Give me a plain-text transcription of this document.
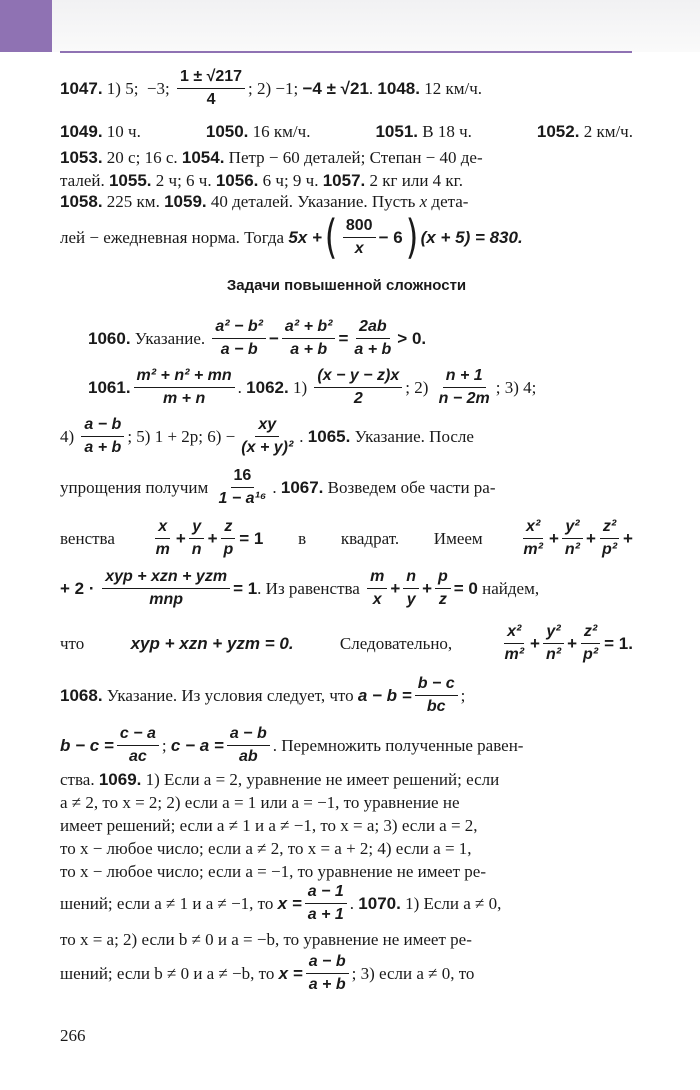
1047. 1) 5;  −3; $\frac{1 \pm √217}{4}$ ; 2) −1; −4 ± √21 . 1048. 12 км/ч.
1049. 10 ч.	1050. 16 км/ч.	1051. В 18 ч.	1052. 2 км/ч.
1053. 20 с; 16 с. 1054. Петр − 60 деталей; Степан − 40 де-
талей. 1055. 2 ч; 6 ч. 1056. 6 ч; 9 ч. 1057. 2 кг или 4 кг.
1058. 225 км. 1059. 40 деталей. Указание. Пусть x дета-
лей − ежедневная норма. Тогда 5x + ( $\frac{800}{x} - 6$ ) (x + 5) = 830.
Задачи повышенной сложности
1060. Указание. $\frac{\text{a² − b²}}{a - b} - \frac{\text{a² + b²}}{a + b} = \frac{2ab}{a + b} > 0$.
1061. $\frac{\text{m² + n² + mn}}{m + n}$ . 1062. $1) \frac{(x - y - z)x}{2}$ ; $2) \frac{n + 1}{n - 2m}$ ; 3) 4;
$4) \frac{a - b}{a + b}$ ; 5) 1 + 2p; $6) - \frac{xy}{\text{(x + y)²}}$ . 1065. Указание. После
упрощения получим $\frac{16}{\text{1 − a¹⁶}}$ . 1067. Возведем обе части ра-
венства $\frac{x}{m} + \frac{y}{n} + \frac{z}{p} = 1$ в квадрат. Имеем $\frac{\text{x²}}{\text{m²}} + \frac{\text{y²}}{\text{n²}} + \frac{\text{z²}}{\text{p²}}$ +
+ $2 \cdot \frac{\text{xyp + xzn + yzm}}{\text{mnp}} = 1$ . Из равенства $\frac{m}{x} + \frac{n}{y} + \frac{p}{z} = 0$ найдем,
что	xyp + xzn + yzm = 0.	Следовательно,	$\frac{\text{x²}}{\text{m²}} + \frac{\text{y²}}{\text{n²}} + \frac{\text{z²}}{\text{p²}} = 1$.
1068. Указание. Из условия следует, что $a - b = \frac{b - c}{bc}$ ;
$b - c = \frac{c - a}{ac}$ ; $c - a = \frac{a - b}{ab}$ . Перемножить полученные равен-
ства. 1069. 1) Если a = 2, уравнение не имеет решений; если
a ≠ 2, то x = 2; 2) если a = 1 или a = −1, то уравнение не
имеет решений; если a ≠ 1 и a ≠ −1, то x = a; 3) если a = 2,
то x − любое число; если a ≠ 2, то x = a + 2; 4) если a = 1,
то x − любое число; если a = −1, то уравнение не имеет ре-
шений; если a ≠ 1 и a ≠ −1, то $x = \frac{a - 1}{a + 1}$ . 1070. 1) Если a ≠ 0,
то x = a; 2) если b ≠ 0 и a = −b, то уравнение не имеет ре-
шений; если b ≠ 0 и a ≠ −b, то $x = \frac{a - b}{a + b}$ ; 3) если a ≠ 0, то
266
